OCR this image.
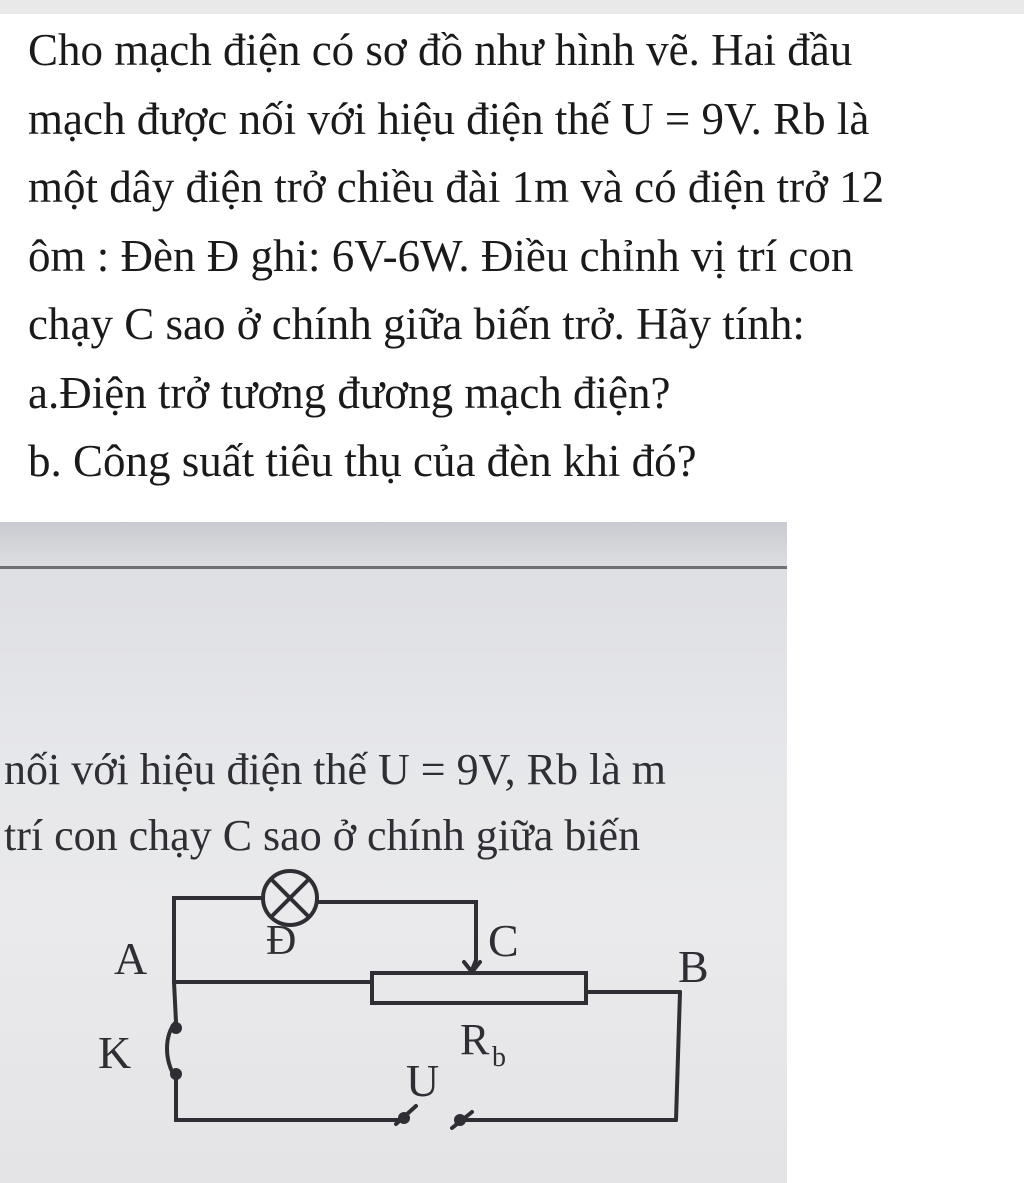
Cho mạch điện có sơ đồ như hình vẽ. Hai đầu
mạch được nối với hiệu điện thế U = 9V. Rb là
một dây điện trở chiều đài 1m và có điện trở 12
ôm : Đèn Đ ghi: 6V-6W. Điều chỉnh vị trí con
chạy C sao ở chính giữa biến trở. Hãy tính:
a.Điện trở tương đương mạch điện?
b. Công suất tiêu thụ của đèn khi đó?
nối với hiệu điện thế U = 9V, Rb là m
trí con chạy C sao ở chính giữa biến
A
K
Đ	C
B
R b
U
